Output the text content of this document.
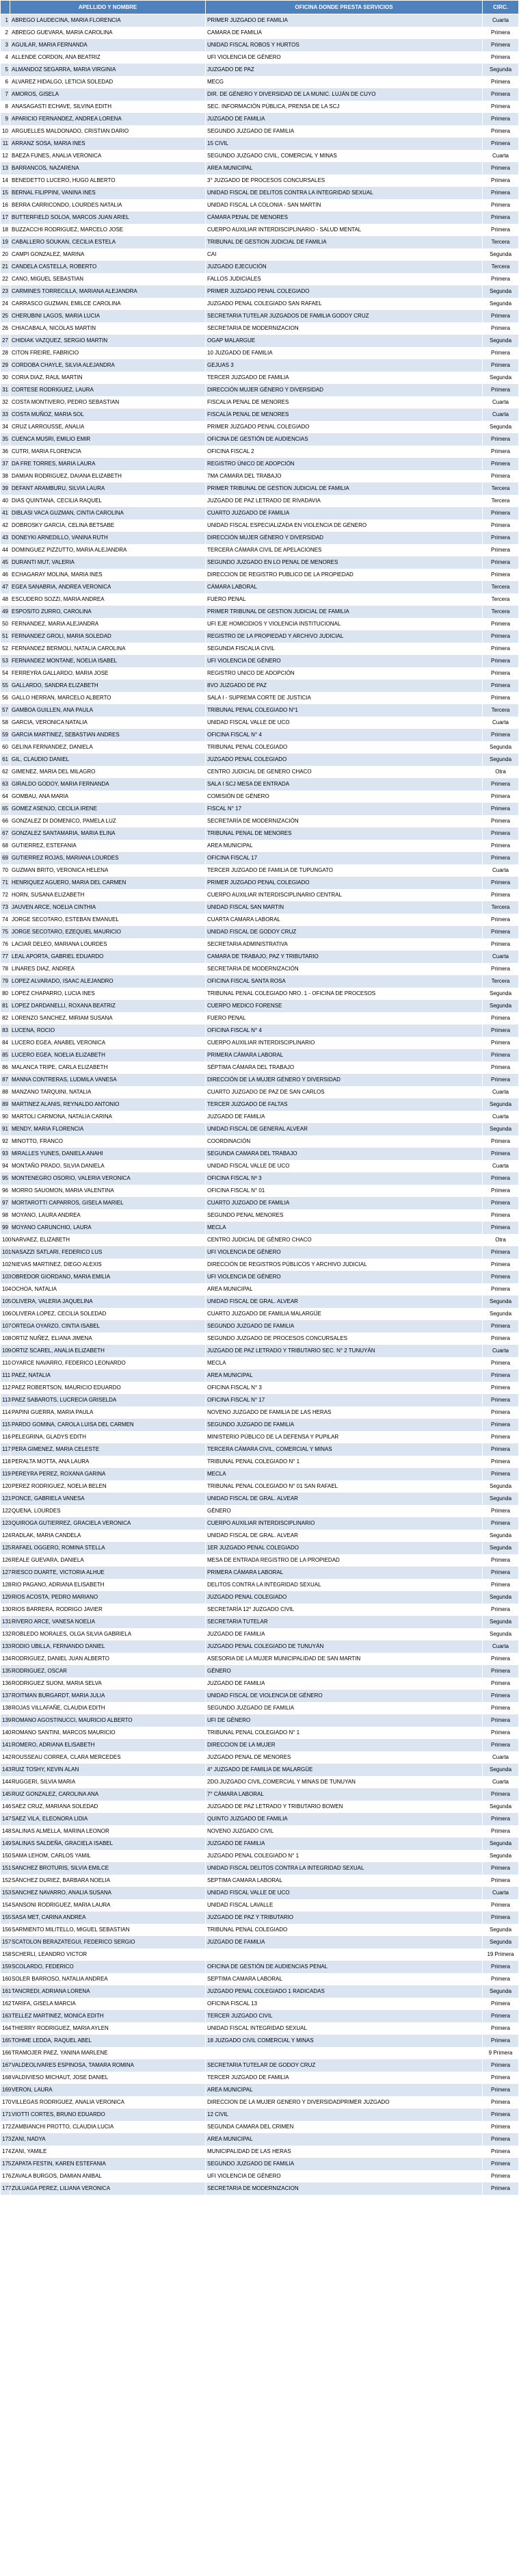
	APELLIDO Y NOMBRE	OFICINA DONDE PRESTA SERVICIOS	CIRC.
1	ABREGO LAUDECINA, MARIA FLORENCIA	PRIMER JUZGADO DE FAMILIA	Cuarta
2	ABREGO GUEVARA, MARIA CAROLINA	CAMARA DE FAMILIA	Primera
3	AGUILAR, MARIA FERNANDA	UNIDAD FISCAL ROBOS Y HURTOS	Primera
4	ALLENDE CORDON, ANA BEATRIZ	UFI VIOLENCIA DE GÉNERO	Primera
5	ALMANDOZ SEGARRA, MARIA VIRGINIA	JUZGADO DE PAZ	Segunda
6	ALVAREZ HIDALGO, LETICIA SOLEDAD	MECG	Primera
7	AMOROS, GISELA	DIR. DE GÉNERO Y DIVERSIDAD DE LA MUNIC. LUJÁN DE CUYO	Primera
8	ANASAGASTI ECHAVE, SILVINA EDITH	SEC. INFORMACIÓN PÚBLICA, PRENSA DE LA SCJ	Primera
9	APARICIO FERNANDEZ, ANDREA LORENA	JUZGADO DE FAMILIA	Primera
10	ARGUELLES MALDONADO, CRISTIAN DARIO	SEGUNDO JUZGADO DE FAMILIA	Primera
11	ARRANZ SOSA, MARIA INES	15 CIVIL	Primera
12	BAEZA FUNES, ANALIA VERONICA	SEGUNDO JUZGADO CIVIL, COMERCIAL Y MINAS	Cuarta
13	BARRANCOS, NAZARENA	AREA MUNICIPAL	Primera
14	BENEDETTO LUCERO, HUGO ALBERTO	3° JUZGADO DE PROCESOS CONCURSALES	Primera
15	BERNAL FILIPPINI, VANINA INES	UNIDAD FISCAL DE DELITOS CONTRA LA INTEGRIDAD SEXUAL	Primera
16	BERRA CARRICONDO, LOURDES NATALIA	UNIDAD FISCAL LA COLONIA - SAN MARTIN	Primera
17	BUTTERFIELD SOLOA, MARCOS JUAN ARIEL	CÁMARA PENAL DE MENORES	Primera
18	BUZZACCHI RODRIGUEZ, MARCELO JOSE	CUERPO AUXILIAR INTERDISCIPLINARIO - SALUD MENTAL	Primera
19	CABALLERO SOUKAN, CECILIA ESTELA	TRIBUNAL DE GESTION JUDICIAL DE FAMILIA	Tercera
20	CAMPI GONZALEZ, MARINA	CAI	Segunda
21	CANDELA CASTELLA, ROBERTO	JUZGADO EJECUCIÓN	Tercera
22	CANO, MIGUEL SEBASTIAN	FALLOS JUDICIALES	Primera
23	CARMINES TORRECILLA, MARIANA ALEJANDRA	PRIMER JUZGADO PENAL COLEGIADO	Segunda
24	CARRASCO GUZMAN, EMILCE CAROLINA	JUZGADO PENAL COLEGIADO SAN RAFAEL	Segunda
25	CHERUBINI LAGOS, MARIA LUCIA	SECRETARIA TUTELAR JUZGADOS DE FAMILIA GODOY CRUZ	Primera
26	CHIACABALA, NICOLAS MARTIN	SECRETARIA DE MODERNIZACION	Primera
27	CHIDIAK VAZQUEZ, SERGIO MARTIN	OGAP MALARGUE	Segunda
28	CITON FREIRE, FABRICIO	10 JUZGADO DE FAMILIA	Primera
29	CORDOBA CHAYLE, SILVIA ALEJANDRA	GEJUAS 3	Primera
30	CORIA DIAZ, RAUL MARTIN	TERCER JUZGADO DE FAMILIA	Segunda
31	CORTESE RODRIGUEZ, LAURA	DIRECCIÓN MUJER GÉNERO Y DIVERSIDAD	Primera
32	COSTA MONTIVERO, PEDRO SEBASTIAN	FISCALIA PENAL DE MENORES	Cuarta
33	COSTA MUÑOZ, MARIA SOL	FISCALÍA PENAL DE MENORES	Cuarta
34	CRUZ LARROUSSE, ANALIA	PRIMER JUZGADO PENAL COLEGIADO	Segunda
35	CUENCA MUSRI, EMILIO EMIR	OFICINA DE GESTIÓN DE AUDIENCIAS	Primera
36	CUTRI, MARIA FLORENCIA	OFICINA FISCAL 2	Primera
37	DA FRE TORRES, MARIA LAURA	REGISTRO ÚNICO DE ADOPCIÓN	Primera
38	DAMIAN RODRIGUEZ, DAIANA ELIZABETH	7MA CAMARA DEL TRABAJO	Primera
39	DEFANT ARAMBURU, SILVIA LAURA	PRIMER TRIBUNAL DE GESTION JUDICIAL DE FAMILIA	Tercera
40	DIAS QUINTANA, CECILIA RAQUEL	JUZGADO DE PAZ LETRADO DE RIVADAVIA	Tercera
41	DIBLASI VACA GUZMAN, CINTIA CAROLINA	CUARTO JUZGADO DE FAMILIA	Primera
42	DOBROSKY GARCIA, CELINA BETSABE	UNIDAD FISCAL ESPECIALIZADA EN VIOLENCIA DE GÉNERO	Primera
43	DONEYKI ARNEDILLO, VANINA RUTH	DIRECCIÓN MUJER GÉNERO Y DIVERSIDAD	Primera
44	DOMINGUEZ PIZZUTTO, MARIA ALEJANDRA	TERCERA CÁMARA CIVIL DE APELACIONES	Primera
45	DURANTI MUT, VALERIA	SEGUNDO JUZGADO EN LO PENAL DE MENORES	Primera
46	ECHAGARAY MOLINA, MARIA INES	DIRECCION DE REGISTRO PUBLICO DE LA PROPIEDAD	Primera
47	EGEA SANABRIA, ANDREA VERONICA	CÁMARA LABORAL	Tercera
48	ESCUDERO SOZZI, MARIA ANDREA	FUERO PENAL	Tercera
49	ESPOSITO ZURRO, CAROLINA	PRIMER TRIBUNAL DE GESTION JUDICIAL DE FAMILIA	Tercera
50	FERNANDEZ, MARIA ALEJANDRA	UFI EJE HOMICIDIOS Y VIOLENCIA INSTITUCIONAL	Primera
51	FERNANDEZ GROLI, MARIA SOLEDAD	REGISTRO DE LA PROPIEDAD Y ARCHIVO JUDICIAL	Primera
52	FERNANDEZ BERMOLI, NATALIA CAROLINA	SEGUNDA FISCALIA CIVIL	Primera
53	FERNANDEZ MONTANE, NOELIA ISABEL	UFI VIOLENCIA DE GÉNERO	Primera
54	FERREYRA GALLARDO, MARIA JOSE	REGISTRO UNICO DE ADOPCIÓN	Primera
55	GALLARDO, SANDRA ELIZABETH	8VO JUZGADO DE PAZ	Primera
56	GALLO HERRAN, MARCELO ALBERTO	SALA I - SUPREMA CORTE DE JUSTICIA	Primera
57	GAMBOA GUILLEN, ANA PAULA	TRIBUNAL PENAL COLEGIADO N°1	Tercera
58	GARCIA, VERONICA NATALIA	UNIDAD FISCAL VALLE DE UCO	Cuarta
59	GARCIA MARTINEZ, SEBASTIAN ANDRES	OFICINA FISCAL N° 4	Primera
60	GELINA FERNANDEZ, DANIELA	TRIBUNAL PENAL COLEGIADO	Segunda
61	GIL, CLAUDIO DANIEL	JUZGADO PENAL COLEGIADO	Segunda
62	GIMENEZ, MARIA DEL MILAGRO	CENTRO JUDICIAL DE GENERO CHACO	Otra
63	GIRALDO GODOY, MARIA FERNANDA	SALA I SCJ MESA DE ENTRADA	Primera
64	GOMBAU, ANA MARIA	COMISIÓN DE GÉNERO	Primera
65	GOMEZ ASENJO, CECILIA IRENE	FISCAL N° 17	Primera
66	GONZALEZ DI DOMENICO, PAMELA LUZ	SECRETARÍA DE MODERNIZACIÓN	Primera
67	GONZALEZ SANTAMARIA, MARIA ELINA	TRIBUNAL PENAL DE MENORES	Primera
68	GUTIERREZ, ESTEFANIA	AREA MUNICIPAL	Primera
69	GUTIERREZ ROJAS, MARIANA LOURDES	OFICINA FISCAL 17	Primera
70	GUZMAN BRITO, VERONICA HELENA	TERCER JUZGADO DE FAMILIA DE TUPUNGATO	Cuarta
71	HENRIQUEZ AGUERO, MARIA DEL CARMEN	PRIMER JUZGADO PENAL COLEGIADO	Primera
72	HORN, SUSANA ELIZABETH	CUERPO AUXILIAR INTERDISCIPLINARIO CENTRAL	Primera
73	JAUVEN ARCE, NOELIA CINTHIA	UNIDAD FISCAL SAN MARTIN	Tercera
74	JORGE SECOTARO, ESTEBAN EMANUEL	CUARTA CAMARA LABORAL	Primera
75	JORGE SECOTARO, EZEQUIEL MAURICIO	UNIDAD FISCAL DE GODOY CRUZ	Primera
76	LACIAR DELEO, MARIANA LOURDES	SECRETARIA ADMINISTRATIVA	Primera
77	LEAL APORTA, GABRIEL EDUARDO	CAMARA DE TRABAJO, PAZ Y TRIBUTARIO	Cuarta
78	LINARES DIAZ, ANDREA	SECRETARIA DE MODERNIZACIÓN	Primera
79	LOPEZ ALVARADO, ISAAC ALEJANDRO	OFICINA FISCAL SANTA ROSA	Tercera
80	LOPEZ CHAPARRO, LUCIA INES	TRIBUNAL PENAL COLEGIADO NRO. 1 - OFICINA DE PROCESOS	Segunda
81	LOPEZ DARDANELLI, ROXANA BEATRIZ	CUERPO MEDICO FORENSE	Segunda
82	LORENZO SANCHEZ, MIRIAM SUSANA	FUERO PENAL	Primera
83	LUCENA, ROCIO	OFICINA FISCAL N° 4	Primera
84	LUCERO EGEA, ANABEL VERONICA	CUERPO AUXILIAR INTERDISCIPLINARIO	Primera
85	LUCERO EGEA, NOELIA ELIZABETH	PRIMERA CÁMARA LABORAL	Primera
86	MALANCA TRIPE, CARLA ELIZABETH	SÉPTIMA CÁMARA DEL TRABAJO	Primera
87	MANNA CONTRERAS, LUDMILA VANESA	DIRECCIÓN DE LA MUJER GÉNERO Y DIVERSIDAD	Primera
88	MANZANO TARQUINI, NATALIA	CUARTO JUZGADO DE PAZ DE SAN CARLOS	Cuarta
89	MARTINEZ ALANIS, REYNALDO ANTONIO	TERCER JUZGADO DE FALTAS	Segunda
90	MARTOLI CARMONA, NATALIA CARINA	JUZGADO DE FAMILIA	Cuarta
91	MENDY, MARIA FLORENCIA	UNIDAD FISCAL DE GENERAL ALVEAR	Segunda
92	MINOTTO, FRANCO	COORDINACIÓN	Primera
93	MIRALLES YUNES, DANIELA ANAHI	SEGUNDA CAMARA DEL TRABAJO	Primera
94	MONTAÑO PRADO, SILVIA DANIELA	UNIDAD FISCAL VALLE DE UCO	Cuarta
95	MONTENEGRO OSORIO, VALERIA VERONICA	OFICINA FISCAL Nº 3	Primera
96	MORRO SAUOMON, MARIA VALENTINA	OFICINA FISCAL N° 01	Primera
97	MORTAROTTI CAPARROS, GISELA MARIEL	CUARTO JUZGADO DE FAMILIA	Primera
98	MOYANO, LAURA ANDREA	SEGUNDO PENAL MENORES	Primera
99	MOYANO CARUNCHIO, LAURA	MECLA	Primera
100	NARVAEZ, ELIZABETH	CENTRO JUDICIAL DE GÉNERO CHACO	Otra
101	NASAZZI SATLARI, FEDERICO LUS	UFI VIOLENCIA DE GÉNERO	Primera
102	NIEVAS MARTINEZ, DIEGO ALEXIS	DIRECCIÓN DE REGISTROS PÚBLICOS Y ARCHIVO JUDICIAL	Primera
103	OBREDOR GIORDANO, MARIA EMILIA	UFI VIOLENCIA DE GÉNERO	Primera
104	OCHOA, NATALIA	AREA MUNICIPAL	Primera
105	OLIVERA, VALERIA JAQUELINA	UNIDAD FISCAL DE GRAL. ALVEAR	Segunda
106	OLIVERA LOPEZ, CECILIA SOLEDAD	CUARTO JUZGADO DE FAMILIA MALARGÜE	Segunda
107	ORTEGA OYARZO, CINTIA ISABEL	SEGUNDO JUZGADO DE FAMILIA	Primera
108	ORTIZ NUÑEZ, ELIANA JIMENA	SEGUNDO JUZGADO DE PROCESOS CONCURSALES	Primera
109	ORTIZ SCAREL, ANALIA ELIZABETH	JUZGADO DE PAZ LETRADO Y TRIBUTARIO SEC. N° 2 TUNUYÁN	Cuarta
110	OYARCE NAVARRO, FEDERICO LEONARDO	MECLA	Primera
111	PAEZ, NATALIA	AREA MUNICIPAL	Primera
112	PAEZ ROBERTSON, MAURICIO EDUARDO	OFICINA FISCAL N° 3	Primera
113	PAEZ SABAROTS, LUCRECIA GRISELDA	OFICINA FISCAL N° 17	Primera
114	PAPINI GUERRA, MARIA PAULA	NOVENO JUZGADO DE FAMILIA DE LAS HERAS	Primera
115	PARDO GOMINA, CAROLA LUISA DEL CARMEN	SEGUNDO JUZGADO DE FAMILIA	Primera
116	PELEGRINA, GLADYS EDITH	MINISTERIO PÚBLICO DE LA DEFENSA Y PUPILAR	Primera
117	PERA GIMENEZ, MARIA CELESTE	TERCERA CÁMARA CIVIL, COMERCIAL Y MINAS	Primera
118	PERALTA MOTTA, ANA LAURA	TRIBUNAL PENAL COLEGIADO N° 1	Primera
119	PEREYRA PEREZ, ROXANA GARINA	MECLA	Primera
120	PEREZ RODRIGUEZ, NOELIA BELEN	TRIBUNAL PENAL COLEGIADO N° 01 SAN RAFAEL	Segunda
121	PONCE, GABRIELA VANESA	UNIDAD FISCAL DE GRAL. ALVEAR	Segunda
122	QUENA, LOURDES	GÉNERO	Primera
123	QUIROGA GUTIERREZ, GRACIELA VERONICA	CUERPO AUXILIAR INTERDISCIPLINARIO	Primera
124	RADLAK, MARIA CANDELA	UNIDAD FISCAL DE GRAL. ALVEAR	Segunda
125	RAFAEL OGGERO, ROMINA STELLA	1ER JUZGADO PENAL COLEGIADO	Segunda
126	REALE GUEVARA, DANIELA	MESA DE ENTRADA REGISTRO DE LA PROPIEDAD	Primera
127	RIESCO DUARTE, VICTORIA ALHUE	PRIMERA CÁMARA LABORAL	Primera
128	RIO PAGANO, ADRIANA ELISABETH	DELITOS CONTRA LA INTEGRIDAD SEXUAL	Primera
129	RIOS ACOSTA, PEDRO MARIANO	JUZGADO PENAL COLEGIADO	Segunda
130	RIOS BARRERA, RODRIGO JAVIER	SECRETARÍA 12° JUZGADO CIVIL	Primera
131	RIVERO ARCE, VANESA NOELIA	SECRETARIA TUTELAR	Segunda
132	ROBLEDO MORALES, OLGA SILVIA GABRIELA	JUZGADO DE FAMILIA	Segunda
133	RODIO UBILLA, FERNANDO DANIEL	JUZGADO PENAL COLEGIADO DE TUNUYÁN	Cuarta
134	RODRIGUEZ, DANIEL JUAN ALBERTO	ASESORIA DE LA MUJER MUNICIPALIDAD DE SAN MARTIN	Primera
135	RODRIGUEZ, OSCAR	GÉNERO	Primera
136	RODRIGUEZ SUONI, MARIA SELVA	JUZGADO DE FAMILIA	Primera
137	ROITMAN BURGARDT, MARIA JULIA	UNIDAD FISCAL DE VIOLENCIA DE GÉNERO	Primera
138	ROJAS VILLAFAÑE, CLAUDIA EDITH	SEGUNDO JUZGADO DE FAMILIA	Primera
139	ROMANO AGOSTINUCCI, MAURICIO ALBERTO	UFI DE GÉNERO	Primera
140	ROMANO SANTINI, MARCOS MAURICIO	TRIBUNAL PENAL COLEGIADO N° 1	Primera
141	ROMERO, ADRIANA ELISABETH	DIRECCION DE LA MUJER	Primera
142	ROUSSEAU CORREA, CLARA MERCEDES	JUZGADO PENAL DE MENORES	Cuarta
143	RUIZ TOSHY, KEVIN ALAN	4° JUZGADO DE FAMILIA DE MALARGÜE	Segunda
144	RUGGERI, SILVIA MARIA	2DO.JUZGADO CIVIL,COMERCIAL Y MINAS DE TUNUYAN	Cuarta
145	RUIZ GONZALEZ, CAROLINA ANA	7° CÁMARA LABORAL	Primera
146	SAEZ CRUZ, MARIANA SOLEDAD	JUZGADO DE PAZ LETRADO Y TRIBUTARIO BOWEN	Segunda
147	SAEZ VILA, ELEONORA LIDIA	QUINTO JUZGADO DE FAMILIA	Primera
148	SALINAS ALMELLA, MARINA LEONOR	NOVENO JUZGADO CIVIL	Primera
149	SALINAS SALDEÑA, GRACIELA ISABEL	JUZGADO DE FAMILIA	Segunda
150	SAMA LEHOM, CARLOS YAMIL	JUZGADO PENAL COLEGIADO N° 1	Segunda
151	SANCHEZ BROTURIS, SILVIA EMILCE	UNIDAD FISCAL DELITOS CONTRA LA INTEGRIDAD SEXUAL	Primera
152	SÁNCHEZ DURIEZ, BARBARA NOELIA	SEPTIMA CAMARA LABORAL	Primera
153	SANCHEZ NAVARRO, ANALIA SUSANA	UNIDAD FISCAL VALLE DE UCO	Cuarta
154	SANSONI RODRIGUEZ, MARIA LAURA	UNIDAD FISCAL LAVALLE	Primera
155	SASA MET, CARINA ANDREA	JUZGADO DE PAZ Y TRIBUTARIO	Primera
156	SARMIENTO MILITELLO, MIGUEL SEBASTIAN	TRIBUNAL PENAL COLEGIADO	Segunda
157	SCATOLON BERAZATEGUI, FEDERICO SERGIO	JUZGADO DE FAMILIA	Segunda
158	SCHERLI, LEANDRO VICTOR		19 Primera
159	SCOLARDO, FEDERICO	OFICINA DE GESTIÓN DE AUDIENCIAS PENAL	Primera
160	SOLER BARROSO, NATALIA ANDREA	SEPTIMA CAMARA LABORAL	Primera
161	TANCREDI, ADRIANA LORENA	JUZGADO PENAL COLEGIADO 1 RADICADAS	Segunda
162	TARIFA, GISELA MARCIA	OFICINA FISCAL 13	Primera
163	TELLEZ MARTINEZ, MONICA EDITH	TERCER JUZGADO CIVIL	Primera
164	THIERRY RODRIGUEZ, MARIA AYLEN	UNIDAD FISCAL INTEGRIDAD SEXUAL	Primera
165	TOHME LEDDA, RAQUEL ABEL	18 JUZGADO CIVIL COMERCIAL Y MINAS	Primera
166	TRAMOJER PAEZ, YANINA MARLENE		9 Primera
167	VALDEOLIVARES ESPINOSA, TAMARA ROMINA	SECRETARIA TUTELAR DE GODOY CRUZ	Primera
168	VALDIVIESO MICHAUT, JOSE DANIEL	TERCER JUZGADO DE FAMILIA	Primera
169	VERON, LAURA	AREA MUNICIPAL	Primera
170	VILLEGAS RODRIGUEZ, ANALIA VERONICA	DIRECCION DE LA MUJER GENERO Y DIVERSIDADPRIMER JUZGADO	Primera
171	VIOTTI CORTES, BRUNO EDUARDO	12 CIVIL	Primera
172	ZAMBIANCHI PROTTO, CLAUDIA LUCIA	SEGUNDA CAMARA DEL CRIMEN	Primera
173	ZANI, NADYA	AREA MUNICIPAL	Primera
174	ZANI, YAMILE	MUNICIPALIDAD DE LAS HERAS	Primera
175	ZAPATA FESTIN, KAREN ESTEFANIA	SEGUNDO JUZGADO DE FAMILIA	Primera
176	ZAVALA BURGOS, DAMIAN ANIBAL	UFI VIOLENCIA DE GÉNERO	Primera
177	ZULUAGA PEREZ, LILIANA VERONICA	SECRETARIA DE MODERNIZACION	Primera
